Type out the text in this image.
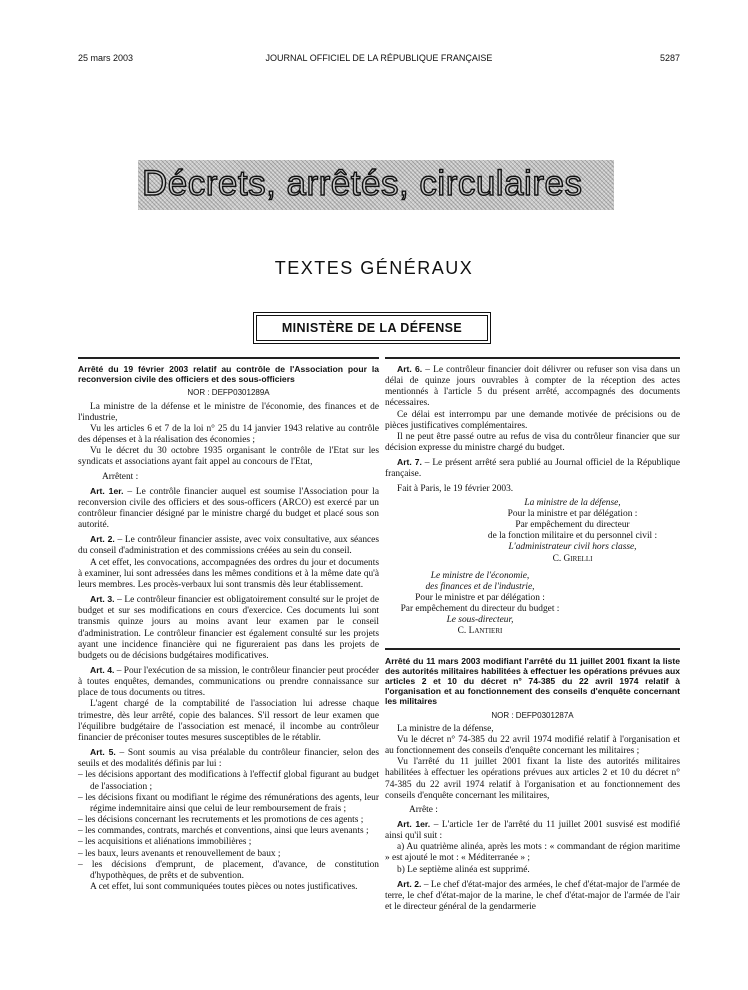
25 mars 2003	JOURNAL OFFICIEL DE LA RÉPUBLIQUE FRANÇAISE	5287
Décrets, arrêtés, circulaires
TEXTES GÉNÉRAUX
MINISTÈRE DE LA DÉFENSE

Arrêté du 19 février 2003 relatif au contrôle de l'Association pour la reconversion civile des officiers et des sous-officiers

NOR : DEFP0301289A

La ministre de la défense et le ministre de l'économie, des finances et de l'industrie,

Vu les articles 6 et 7 de la loi n° 25 du 14 janvier 1943 relative au contrôle des dépenses et à la réalisation des économies ;

Vu le décret du 30 octobre 1935 organisant le contrôle de l'Etat sur les syndicats et associations ayant fait appel au concours de l'Etat,

Arrêtent :

Art. 1er. – Le contrôle financier auquel est soumise l'Association pour la reconversion civile des officiers et des sous-officers (ARCO) est exercé par un contrôleur financier désigné par le ministre chargé du budget et placé sous son autorité.

Art. 2. – Le contrôleur financier assiste, avec voix consultative, aux séances du conseil d'administration et des commissions créées au sein du conseil.

A cet effet, les convocations, accompagnées des ordres du jour et documents à examiner, lui sont adressées dans les mêmes conditions et à la même date qu'à leurs membres. Les procès-verbaux lui sont transmis dès leur établissement.

Art. 3. – Le contrôleur financier est obligatoirement consulté sur le projet de budget et sur ses modifications en cours d'exercice. Ces documents lui sont transmis quinze jours au moins avant leur examen par le conseil d'administration. Le contrôleur financier est également consulté sur les projets ayant une incidence financière qui ne figureraient pas dans les projets de budgets ou de décisions budgétaires modificatives.

Art. 4. – Pour l'exécution de sa mission, le contrôleur financier peut procéder à toutes enquêtes, demandes, communications ou prendre connaissance sur place de tous documents ou titres.

L'agent chargé de la comptabilité de l'association lui adresse chaque trimestre, dès leur arrêté, copie des balances. S'il ressort de leur examen que l'équilibre budgétaire de l'association est menacé, il incombe au contrôleur financier de préconiser toutes mesures susceptibles de le rétablir.

Art. 5. – Sont soumis au visa préalable du contrôleur financier, selon des seuils et des modalités définis par lui :

– les décisions apportant des modifications à l'effectif global figurant au budget de l'association ;
– les décisions fixant ou modifiant le régime des rémunérations des agents, leur régime indemnitaire ainsi que celui de leur remboursement de frais ;
– les décisions concernant les recrutements et les promotions de ces agents ;
– les commandes, contrats, marchés et conventions, ainsi que leurs avenants ;
– les acquisitions et aliénations immobilières ;
– les baux, leurs avenants et renouvellement de baux ;
– les décisions d'emprunt, de placement, d'avance, de constitution d'hypothèques, de prêts et de subvention.

A cet effet, lui sont communiquées toutes pièces ou notes justificatives.

Art. 6. – Le contrôleur financier doit délivrer ou refuser son visa dans un délai de quinze jours ouvrables à compter de la réception des actes mentionnés à l'article 5 du présent arrêté, accompagnés des documents nécessaires.

Ce délai est interrompu par une demande motivée de précisions ou de pièces justificatives complémentaires.

Il ne peut être passé outre au refus de visa du contrôleur financier que sur décision expresse du ministre chargé du budget.

Art. 7. – Le présent arrêté sera publié au Journal officiel de la République française.

Fait à Paris, le 19 février 2003.

La ministre de la défense,

Pour la ministre et par délégation :

Par empêchement du directeur

de la fonction militaire et du personnel civil :

L'administrateur civil hors classe,

C. Girelli

Le ministre de l'économie,

des finances et de l'industrie,

Pour le ministre et par délégation :

Par empêchement du directeur du budget :

Le sous-directeur,

C. Lantieri

Arrêté du 11 mars 2003 modifiant l'arrêté du 11 juillet 2001 fixant la liste des autorités militaires habilitées à effectuer les opérations prévues aux articles 2 et 10 du décret n° 74-385 du 22 avril 1974 relatif à l'organisation et au fonctionnement des conseils d'enquête concernant les militaires

NOR : DEFP0301287A

La ministre de la défense,

Vu le décret n° 74-385 du 22 avril 1974 modifié relatif à l'organisation et au fonctionnement des conseils d'enquête concernant les militaires ;

Vu l'arrêté du 11 juillet 2001 fixant la liste des autorités militaires habilitées à effectuer les opérations prévues aux articles 2 et 10 du décret n° 74-385 du 22 avril 1974 relatif à l'organisation et au fonctionnement des conseils d'enquête concernant les militaires,

Arrête :

Art. 1er. – L'article 1er de l'arrêté du 11 juillet 2001 susvisé est modifié ainsi qu'il suit :

a) Au quatrième alinéa, après les mots : « commandant de région maritime » est ajouté le mot : « Méditerranée » ;

b) Le septième alinéa est supprimé.

Art. 2. – Le chef d'état-major des armées, le chef d'état-major de l'armée de terre, le chef d'état-major de la marine, le chef d'état-major de l'armée de l'air et le directeur général de la gendarmerie
